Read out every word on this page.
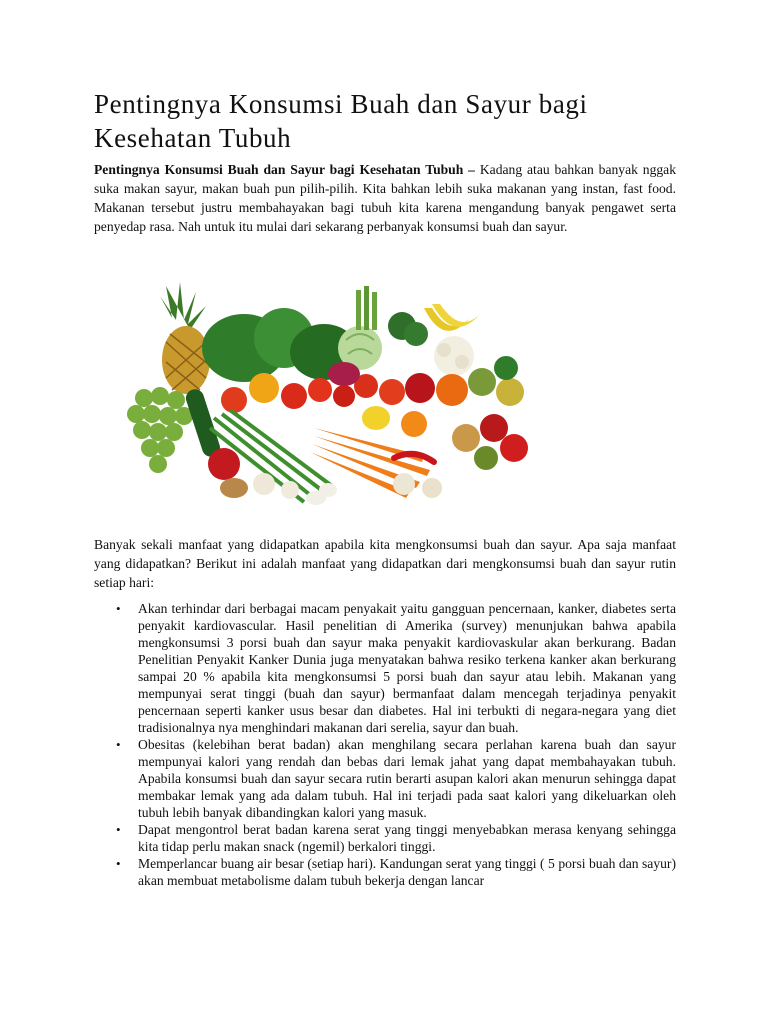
Pentingnya Konsumsi Buah dan Sayur bagi Kesehatan Tubuh

Pentingnya Konsumsi Buah dan Sayur bagi Kesehatan Tubuh – Kadang atau bahkan banyak nggak suka makan sayur, makan buah pun pilih-pilih. Kita bahkan lebih suka makanan yang instan, fast food. Makanan tersebut justru membahayakan bagi tubuh kita karena mengandung banyak pengawet serta penyedap rasa. Nah untuk itu mulai dari sekarang perbanyak konsumsi buah dan sayur.

Banyak sekali manfaat yang didapatkan apabila kita mengkonsumsi buah dan sayur. Apa saja manfaat yang didapatkan? Berikut ini adalah manfaat yang didapatkan dari mengkonsumsi buah dan sayur rutin setiap hari:

• Akan terhindar dari berbagai macam penyakait yaitu gangguan pencernaan, kanker, diabetes serta penyakit kardiovascular. Hasil penelitian di Amerika (survey) menunjukan bahwa apabila mengkonsumsi 3 porsi buah dan sayur maka penyakit kardiovaskular akan berkurang. Badan Penelitian Penyakit Kanker Dunia juga menyatakan bahwa resiko terkena kanker akan berkurang sampai 20 % apabila kita mengkonsumsi 5 porsi buah dan sayur atau lebih. Makanan yang mempunyai serat tinggi (buah dan sayur) bermanfaat dalam mencegah terjadinya penyakit pencernaan seperti kanker usus besar dan diabetes. Hal ini terbukti di negara-negara yang diet tradisionalnya nya menghindari makanan dari serelia, sayur dan buah.
• Obesitas (kelebihan berat badan) akan menghilang secara perlahan karena buah dan sayur mempunyai kalori yang rendah dan bebas dari lemak jahat yang dapat membahayakan tubuh. Apabila konsumsi buah dan sayur secara rutin berarti asupan kalori akan menurun sehingga dapat membakar lemak yang ada dalam tubuh. Hal ini terjadi pada saat kalori yang dikeluarkan oleh tubuh lebih banyak dibandingkan kalori yang masuk.
• Dapat mengontrol berat badan karena serat yang tinggi menyebabkan merasa kenyang sehingga kita tidap perlu makan snack (ngemil) berkalori tinggi.
• Memperlancar buang air besar (setiap hari). Kandungan serat yang tinggi ( 5 porsi buah dan sayur) akan membuat metabolisme dalam tubuh bekerja dengan lancar
